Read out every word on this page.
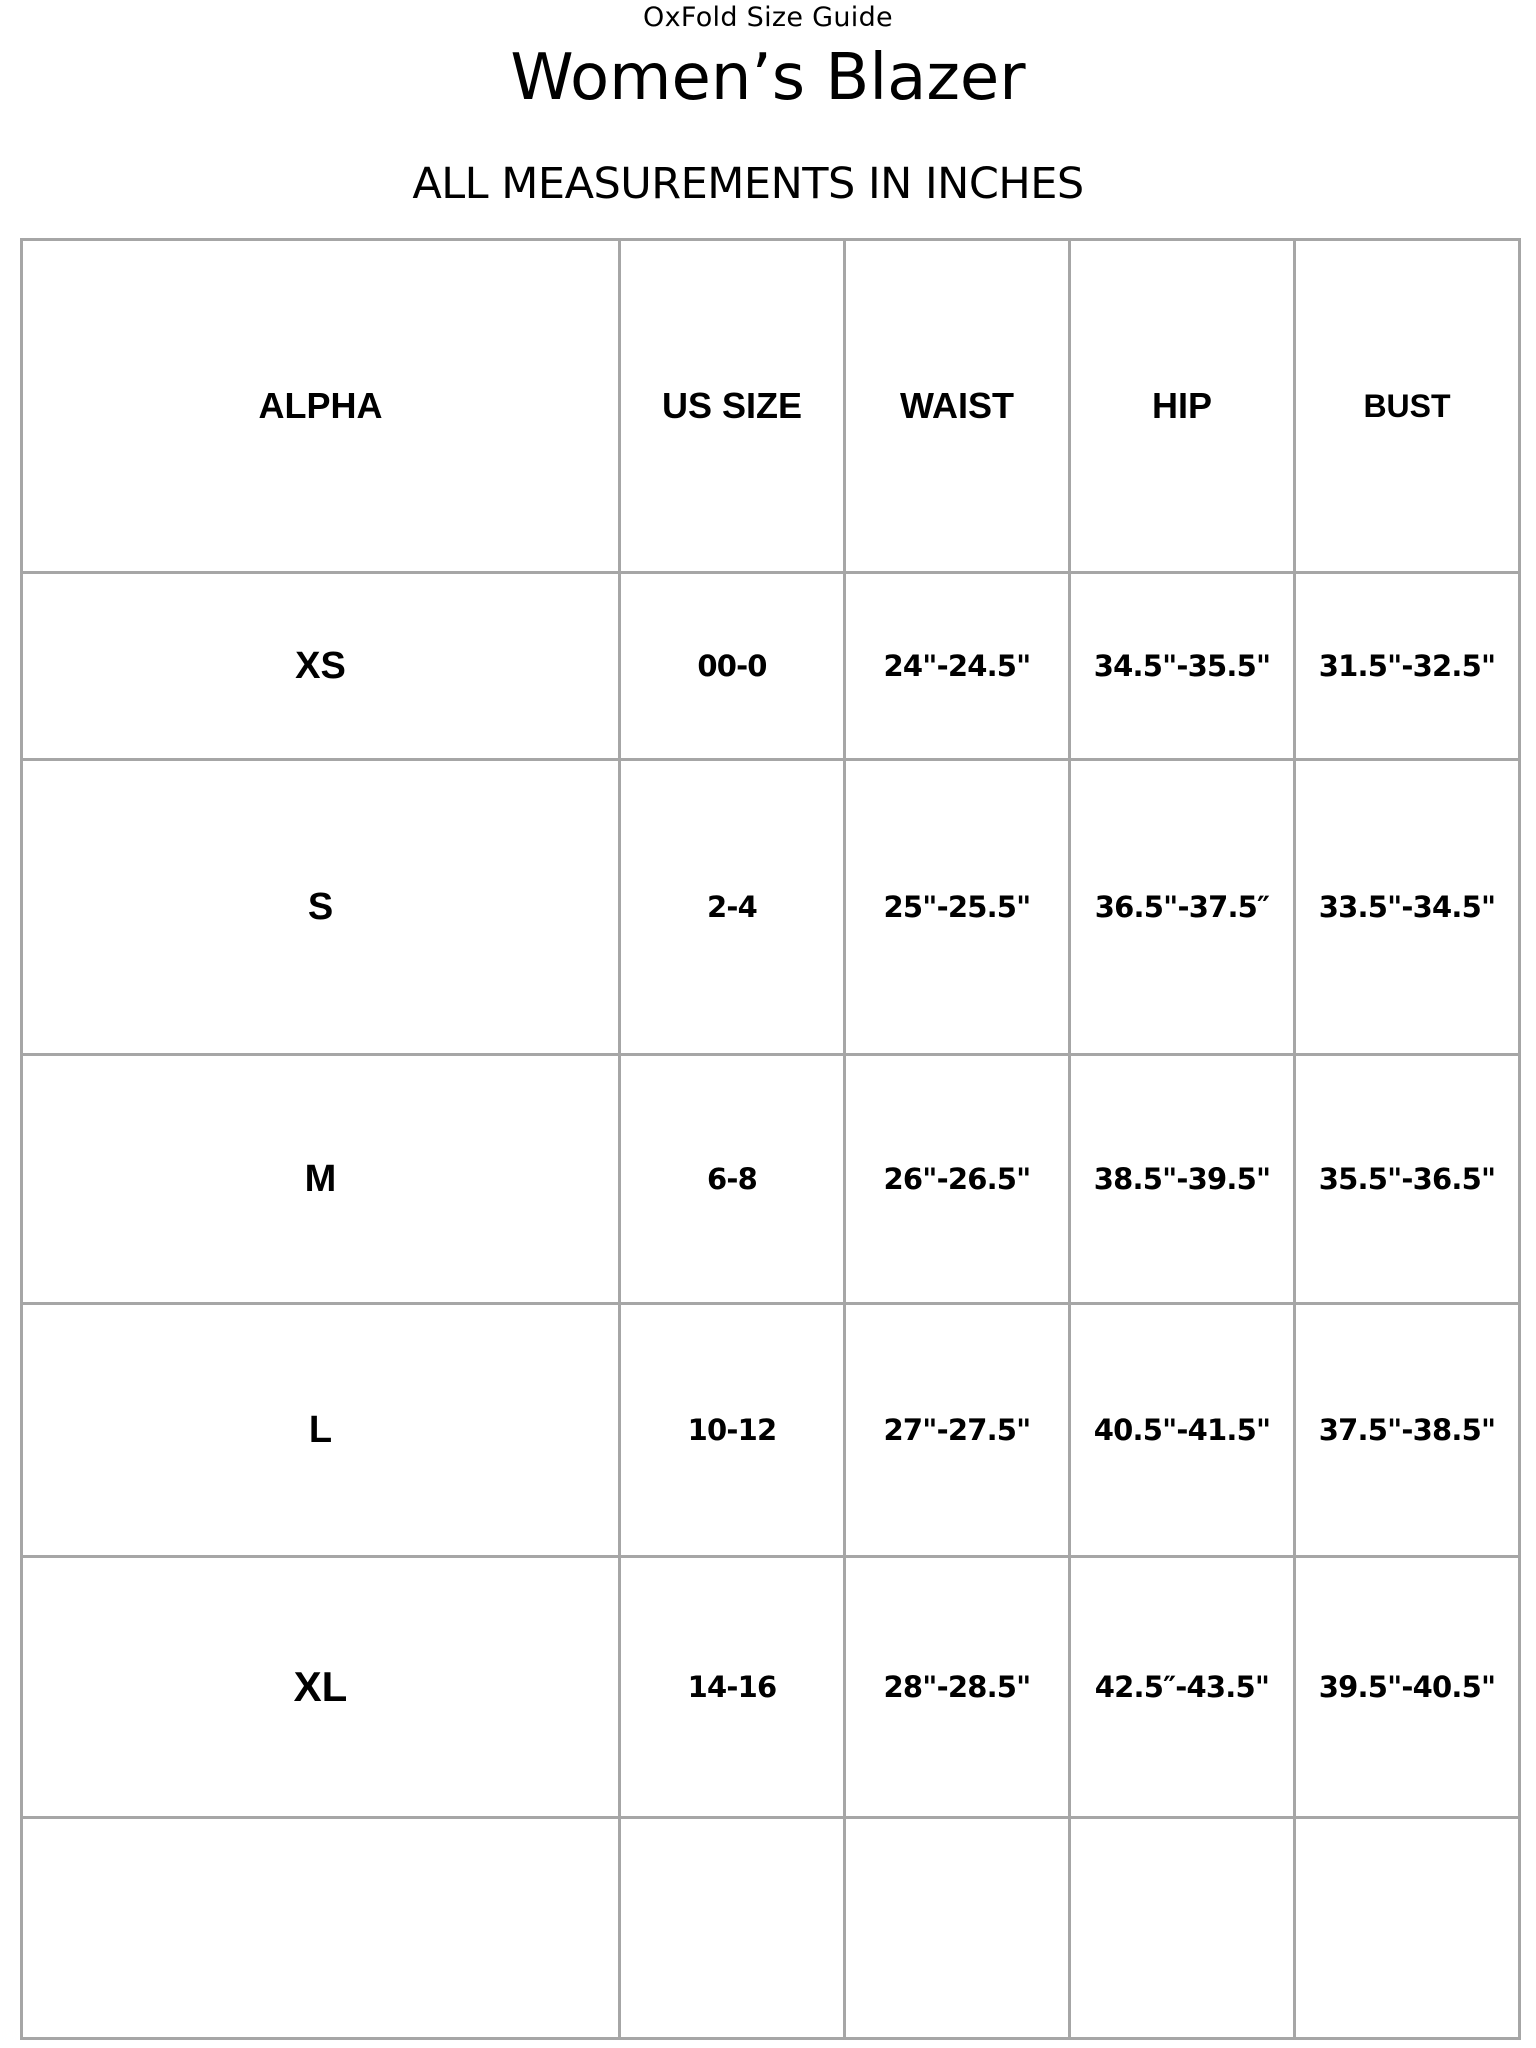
OxFold Size Guide
Women’s Blazer
ALL MEASUREMENTS IN INCHES
ALPHA	US SIZE	WAIST	HIP	BUST
XS	00-0	24"-24.5"	34.5"-35.5"	31.5"-32.5"
S	2-4	25"-25.5"	36.5"-37.5″	33.5"-34.5"
M	6-8	26"-26.5"	38.5"-39.5"	35.5"-36.5"
L	10-12	27"-27.5"	40.5"-41.5"	37.5"-38.5"
XL	14-16	28"-28.5"	42.5″-43.5"	39.5"-40.5"
